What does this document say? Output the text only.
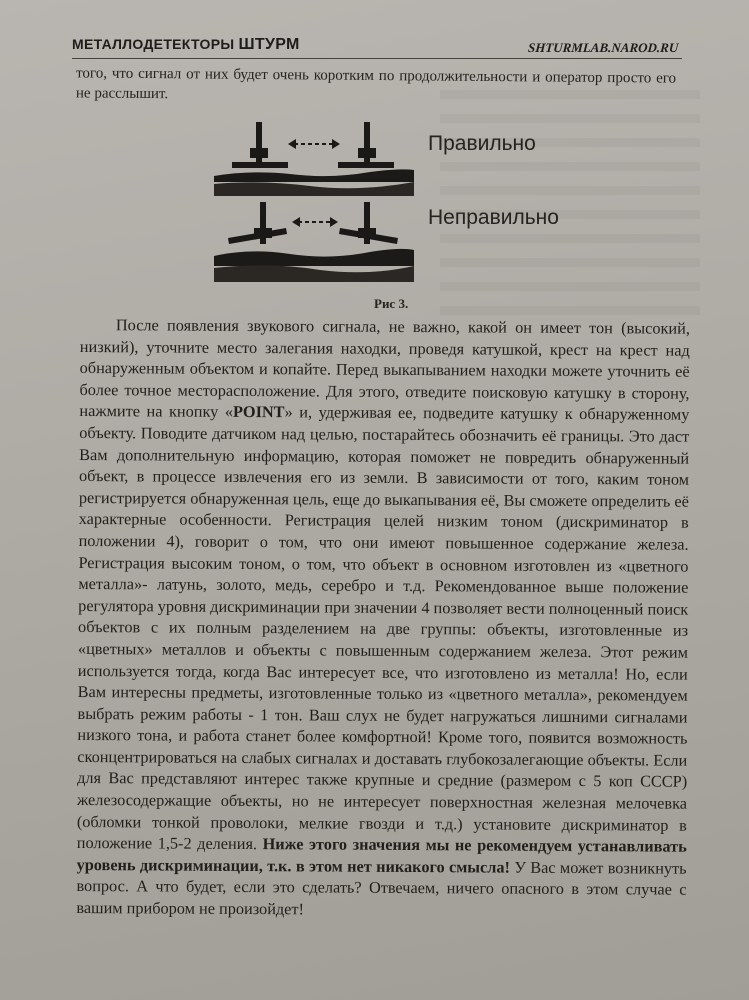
МЕТАЛЛОДЕТЕКТОРЫ ШТУРМ	SHTURMLAB.NAROD.RU
того, что сигнал от них будет очень коротким по продолжительности и оператор просто его не расслышит.
Правильно
Неправильно
Рис 3.

После появления звукового сигнала, не важно, какой он имеет тон (высокий, низкий), уточните место залегания находки, проведя катушкой, крест на крест над обнаруженным объектом и копайте. Перед выкапыванием находки можете уточнить её более точное месторасположение. Для этого, отведите поисковую катушку в сторону, нажмите на кнопку «POINT» и, удерживая ее, подведите катушку к обнаруженному объекту. Поводите датчиком над целью, постарайтесь обозначить её границы. Это даст Вам дополнительную информацию, которая поможет не повредить обнаруженный объект, в процессе извлечения его из земли. В зависимости от того, каким тоном регистрируется обнаруженная цель, еще до выкапывания её, Вы сможете определить её характерные особенности. Регистрация целей низким тоном (дискриминатор в положении 4), говорит о том, что они имеют повышенное содержание железа. Регистрация высоким тоном, о том, что объект в основном изготовлен из «цветного металла»- латунь, золото, медь, серебро и т.д. Рекомендованное выше положение регулятора уровня дискриминации при значении 4 позволяет вести полноценный поиск объектов с их полным разделением на две группы: объекты, изготовленные из «цветных» металлов и объекты с повышенным содержанием железа. Этот режим используется тогда, когда Вас интересует все, что изготовлено из металла! Но, если Вам интересны предметы, изготовленные только из «цветного металла», рекомендуем выбрать режим работы - 1 тон. Ваш слух не будет нагружаться лишними сигналами низкого тона, и работа станет более комфортной! Кроме того, появится возможность сконцентрироваться на слабых сигналах и доставать глубокозалегающие объекты. Если для Вас представляют интерес также крупные и средние (размером с 5 коп СССР) железосодержащие объекты, но не интересует поверхностная железная мелочевка (обломки тонкой проволоки, мелкие гвозди и т.д.) установите дискриминатор в положение 1,5-2 деления. Ниже этого значения мы не рекомендуем устанавливать уровень дискриминации, т.к. в этом нет никакого смысла! У Вас может возникнуть вопрос. А что будет, если это сделать? Отвечаем, ничего опасного в этом случае с вашим прибором не произойдет!
